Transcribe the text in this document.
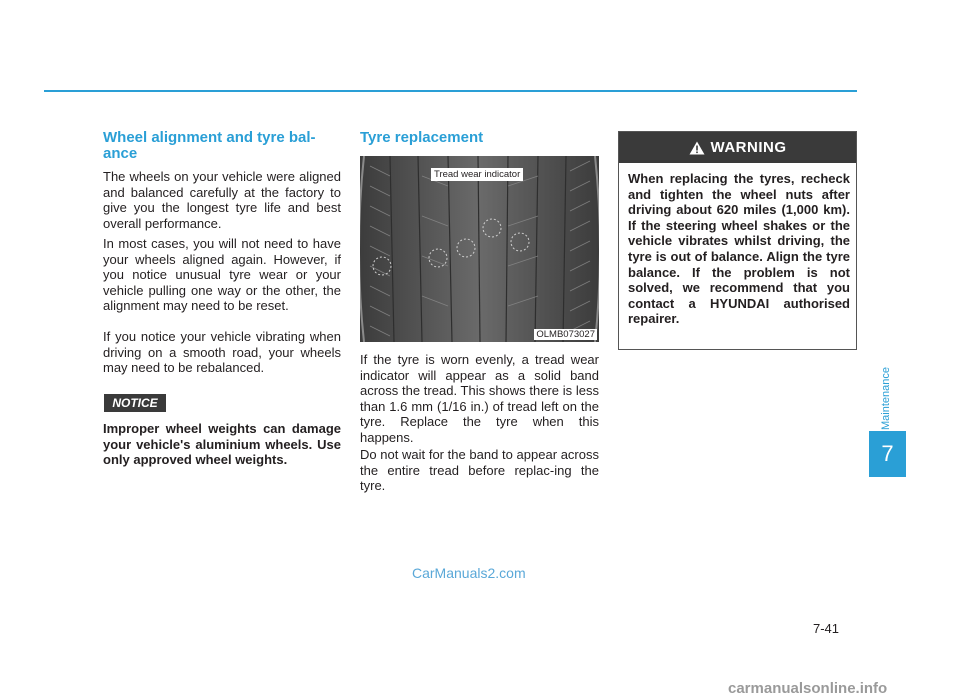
Wheel alignment and tyre bal-ance

The wheels on your vehicle were aligned and balanced carefully at the factory to give you the longest tyre life and best overall performance.

In most cases, you will not need to have your wheels aligned again. However, if you notice unusual tyre wear or your vehicle pulling one way or the other, the alignment may need to be reset.

If you notice your vehicle vibrating when driving on a smooth road, your wheels may need to be rebalanced.

NOTICE

Improper wheel weights can damage your vehicle's aluminium wheels. Use only approved wheel weights.

Tyre replacement
Tread wear indicator
OLMB073027

If the tyre is worn evenly, a tread wear indicator will appear as a solid band across the tread. This shows there is less than 1.6 mm (1/16 in.) of tread left on the tyre. Replace the tyre when this happens.

Do not wait for the band to appear across the entire tread before replac-ing the tyre.

WARNING

When replacing the tyres, recheck and tighten the wheel nuts after driving about 620 miles (1,000 km). If the steering wheel shakes or the vehicle vibrates whilst driving, the tyre is out of balance. Align the tyre balance. If the problem is not solved, we recommend that you contact a HYUNDAI authorised repairer.

Maintenance
7
7-41
CarManuals2.com
carmanualsonline.info
